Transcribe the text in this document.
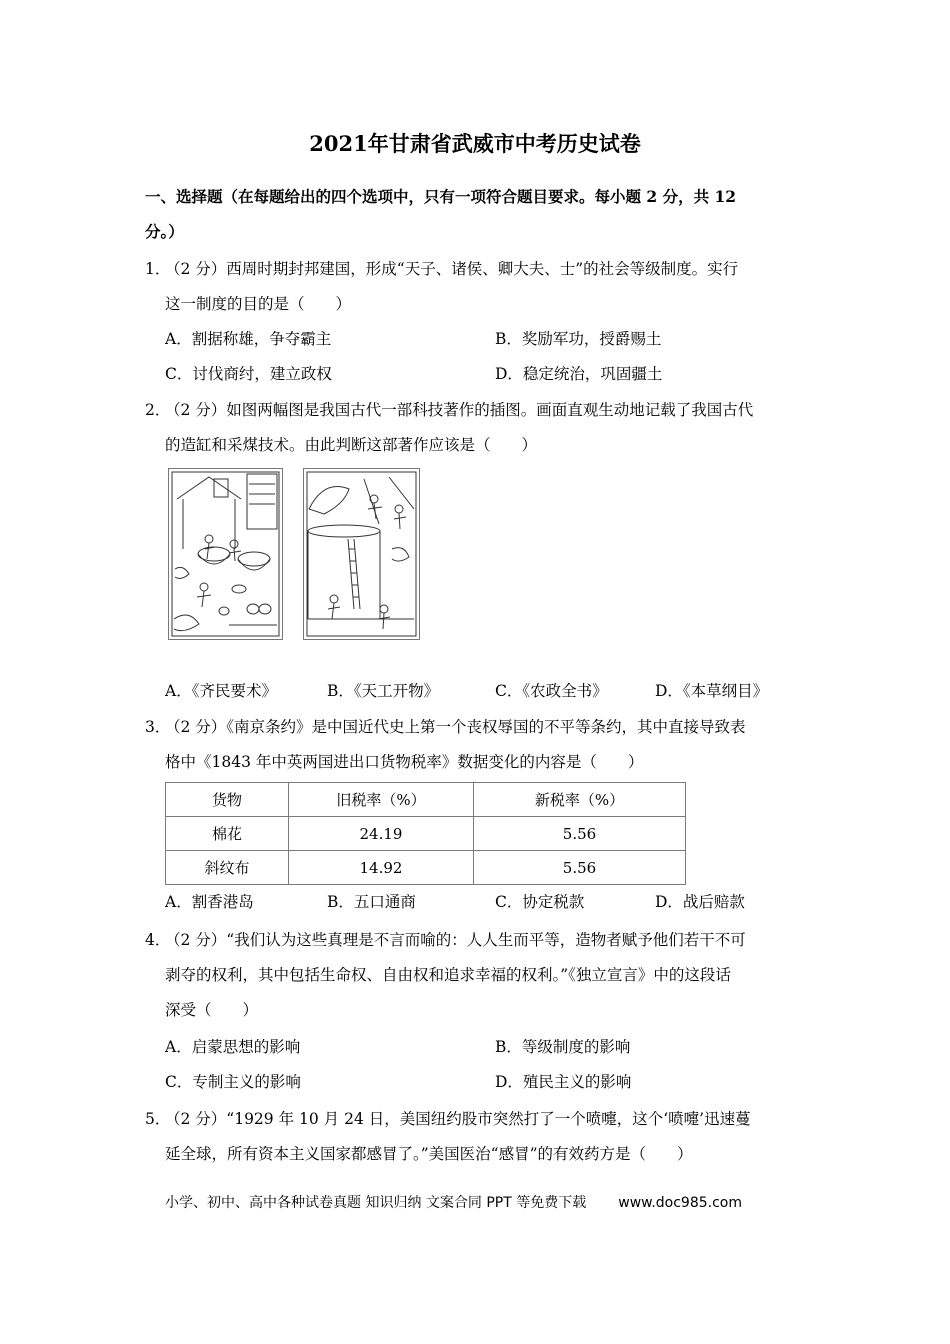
2021年甘肃省武威市中考历史试卷
一、选择题（在每题给出的四个选项中，只有一项符合题目要求。每小题 2 分，共 12
分。）
1．
（2 分）西周时期封邦建国，形成“天子、诸侯、卿大夫、士”的社会等级制度。实行
这一制度的目的是（　　）
A．割据称雄，争夺霸主	B．奖励军功，授爵赐土
C．讨伐商纣，建立政权	D．稳定统治，巩固疆土
2．
（2 分）如图两幅图是我国古代一部科技著作的插图。画面直观生动地记载了我国古代
的造缸和采煤技术。由此判断这部著作应该是（　　）
A．《齐民要术》	B．《天工开物》	C．《农政全书》	D．《本草纲目》
3．
（2 分）《南京条约》是中国近代史上第一个丧权辱国的不平等条约，其中直接导致表
格中《1843 年中英两国进出口货物税率》数据变化的内容是（　　）
货物	旧税率（%）	新税率（%）
棉花	24.19	5.56
斜纹布	14.92	5.56
A．割香港岛	B．五口通商	C．协定税款	D．战后赔款
4．
（2 分）“我们认为这些真理是不言而喻的：人人生而平等，造物者赋予他们若干不可
剥夺的权利，其中包括生命权、自由权和追求幸福的权利。”《独立宣言》中的这段话
深受（　　）
A．启蒙思想的影响	B．等级制度的影响
C．专制主义的影响	D．殖民主义的影响
5．
（2 分）“1929 年 10 月 24 日，美国纽约股市突然打了一个喷嚏，这个‘喷嚏’迅速蔓
延全球，所有资本主义国家都感冒了。”美国医治“感冒”的有效药方是（　　）
小学、初中、高中各种试卷真题 知识归纳 文案合同 PPT 等免费下载 www.doc985.com
